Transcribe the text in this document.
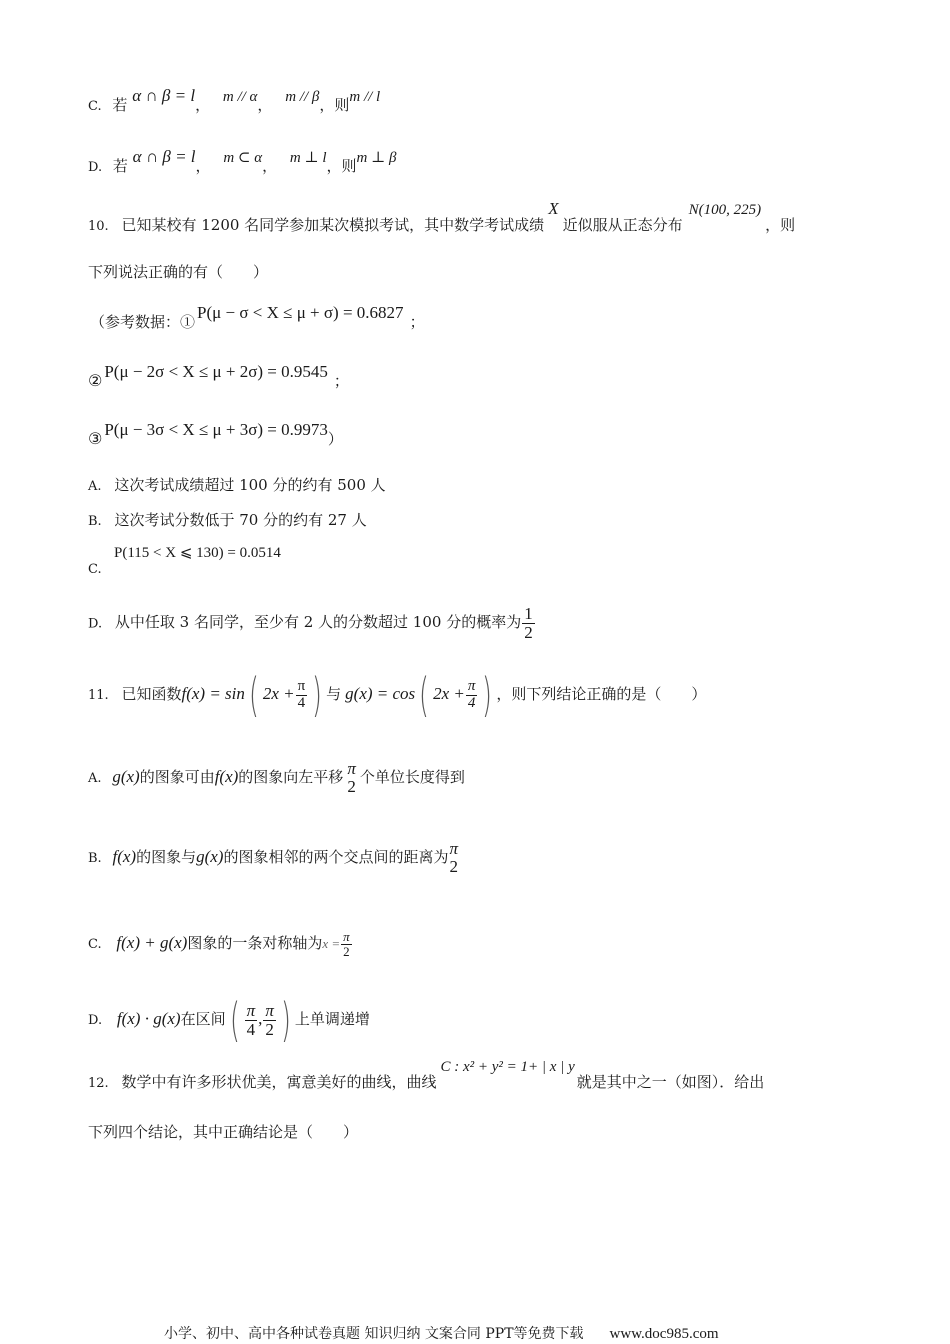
C. 若 α ∩ β = l， m // α， m // β，则m // l
D. 若 α ∩ β = l， m ⊂ α， m ⊥ l，则m ⊥ β
10. 已知某校有 1200 名同学参加某次模拟考试，其中数学考试成绩X近似服从正态分布N(100, 225)，则
下列说法正确的有（　　）
（参考数据：① P(μ − σ < X ≤ μ + σ) = 0.6827 ；
② P(μ − 2σ < X ≤ μ + 2σ) = 0.9545 ；
③ P(μ − 3σ < X ≤ μ + 3σ) = 0.9973）
A. 这次考试成绩超过 100 分的约有 500 人
B. 这次考试分数低于 70 分的约有 27 人
P(115 < X ⩽ 130) = 0.0514
C.
D. 从中任取 3 名同学，至少有 2 人的分数超过 100 分的概率为 $\frac{1}{2}$
11. 已知函数f(x) = sin( $2x + \frac{\pi}{4}$ ) 与 g(x) = cos( $2x + \frac{\pi}{4}$ ) ，则下列结论正确的是（　　）
A. g(x)的图象可由f(x)的图象向左平移 π
2 个单位长度得到
B. f(x)的图象与g(x)的图象相邻的两个交点间的距离为 π
2
C. f(x) + g(x)图象的一条对称轴为$x = \frac{\pi}{2}$
D. f(x) · g(x)在区间( $\frac{\pi}{4}$ , $\frac{\pi}{2}$ ) 上单调递增
12. 数学中有许多形状优美，寓意美好的曲线，曲线C : x² + y² = 1+ | x | y就是其中之一（如图）．给出
下列四个结论，其中正确结论是（　　）
小学、初中、高中各种试卷真题 知识归纳 文案合同 PPT等免费下载 www.doc985.com
